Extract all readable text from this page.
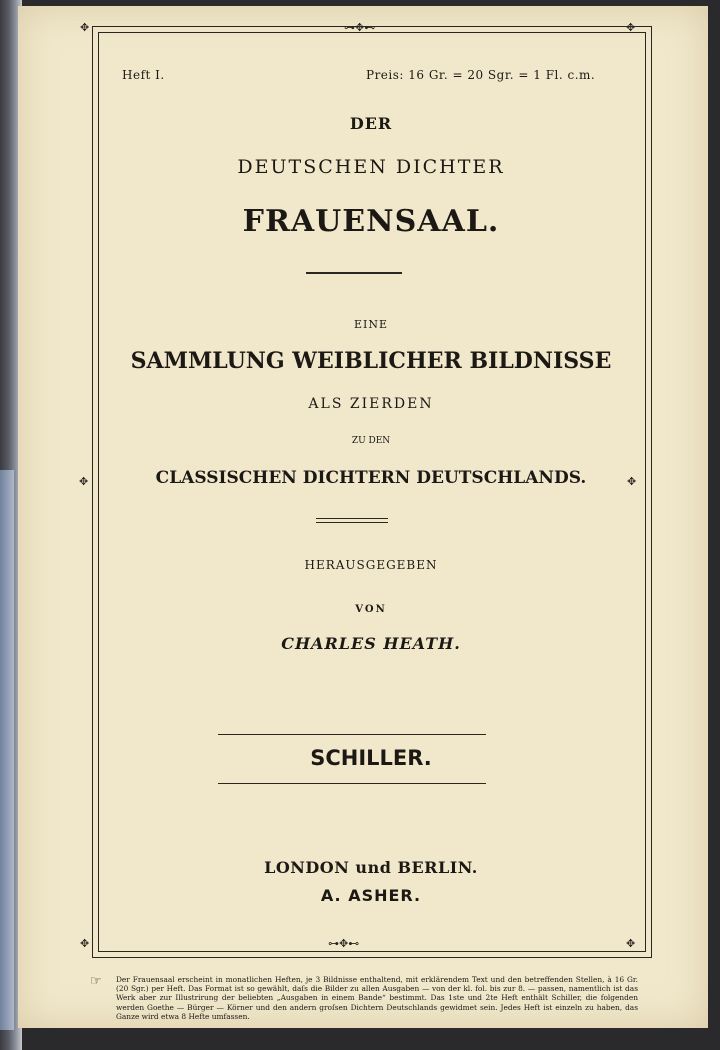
✥	✥
✥	✥
⊶✥⊷
⊶✥⊷
✥	✥
Heft I.	Preis: 16 Gr. = 20 Sgr. = 1 Fl. c.m.
DER
DEUTSCHEN DICHTER
FRAUENSAAL.
EINE
SAMMLUNG WEIBLICHER BILDNISSE
ALS ZIERDEN
ZU DEN
CLASSISCHEN DICHTERN DEUTSCHLANDS.
HERAUSGEGEBEN
VON
CHARLES HEATH.
SCHILLER.
LONDON und BERLIN.
A. ASHER.
☞ Der Frauensaal erscheint in monatlichen Heften, je 3 Bildnisse enthaltend, mit erklärendem Text und den betreffenden Stellen, à 16 Gr. (20 Sgr.) per Heft. Das Format ist so gewählt, daſs die Bilder zu allen Ausgaben — von der kl. fol. bis zur 8. — passen, namentlich ist das Werk aber zur Illustrirung der beliebten „Ausgaben in einem Bande“ bestimmt. Das 1ste und 2te Heft enthält Schiller, die folgenden werden Goethe — Bürger — Körner und den andern groſsen Dichtern Deutschlands gewidmet sein. Jedes Heft ist einzeln zu haben, das Ganze wird etwa 8 Hefte umfassen.
